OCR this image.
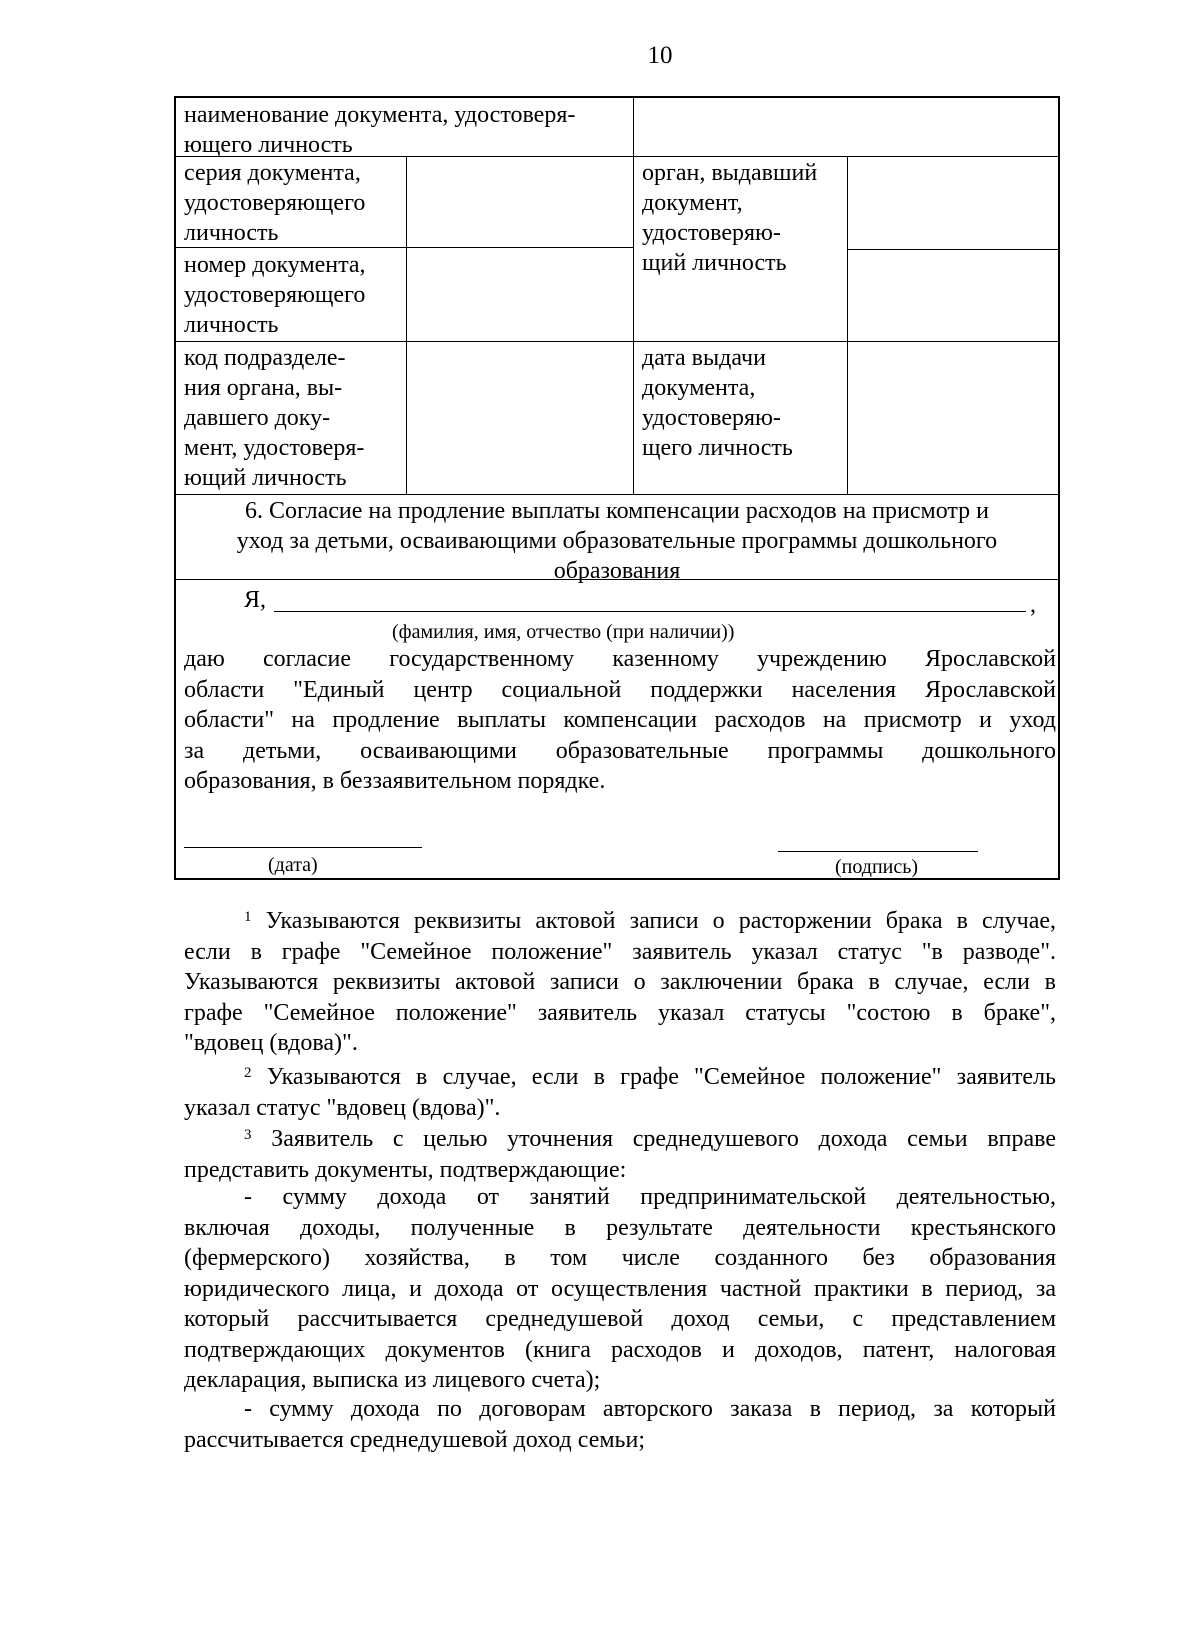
10
наименование документа, удостоверя-
ющего личность
серия документа,
удостоверяющего
личность
номер документа,
удостоверяющего
личность
орган, выдавший
документ,
удостоверяю-
щий личность
код подразделе-
ния органа, вы-
давшего доку-
мент, удостоверя-
ющий личность
дата выдачи
документа,
удостоверяю-
щего личность
6. Согласие на продление выплаты компенсации расходов на присмотр и
уход за детьми, осваивающими образовательные программы дошкольного
образования
Я,	,
(фамилия, имя, отчество (при наличии))
даю согласие государственному казенному учреждению Ярославской
области "Единый центр социальной поддержки населения Ярославской
области" на продление выплаты компенсации расходов на присмотр и уход
за детьми, осваивающими образовательные программы дошкольного
образования, в беззаявительном порядке.
(дата)	(подпись)
$^1$ Указываются реквизиты актовой записи о расторжении брака в случае,
если в графе "Семейное положение" заявитель указал статус "в разводе".
Указываются реквизиты актовой записи о заключении брака в случае, если в
графе "Семейное положение" заявитель указал статусы "состою в браке",
"вдовец (вдова)".
$^2$ Указываются в случае, если в графе "Семейное положение" заявитель
указал статус "вдовец (вдова)".
$^3$ Заявитель с целью уточнения среднедушевого дохода семьи вправе
представить документы, подтверждающие:
- сумму дохода от занятий предпринимательской деятельностью,
включая доходы, полученные в результате деятельности крестьянского
(фермерского) хозяйства, в том числе созданного без образования
юридического лица, и дохода от осуществления частной практики в период, за
который рассчитывается среднедушевой доход семьи, с представлением
подтверждающих документов (книга расходов и доходов, патент, налоговая
декларация, выписка из лицевого счета);
- сумму дохода по договорам авторского заказа в период, за который
рассчитывается среднедушевой доход семьи;
